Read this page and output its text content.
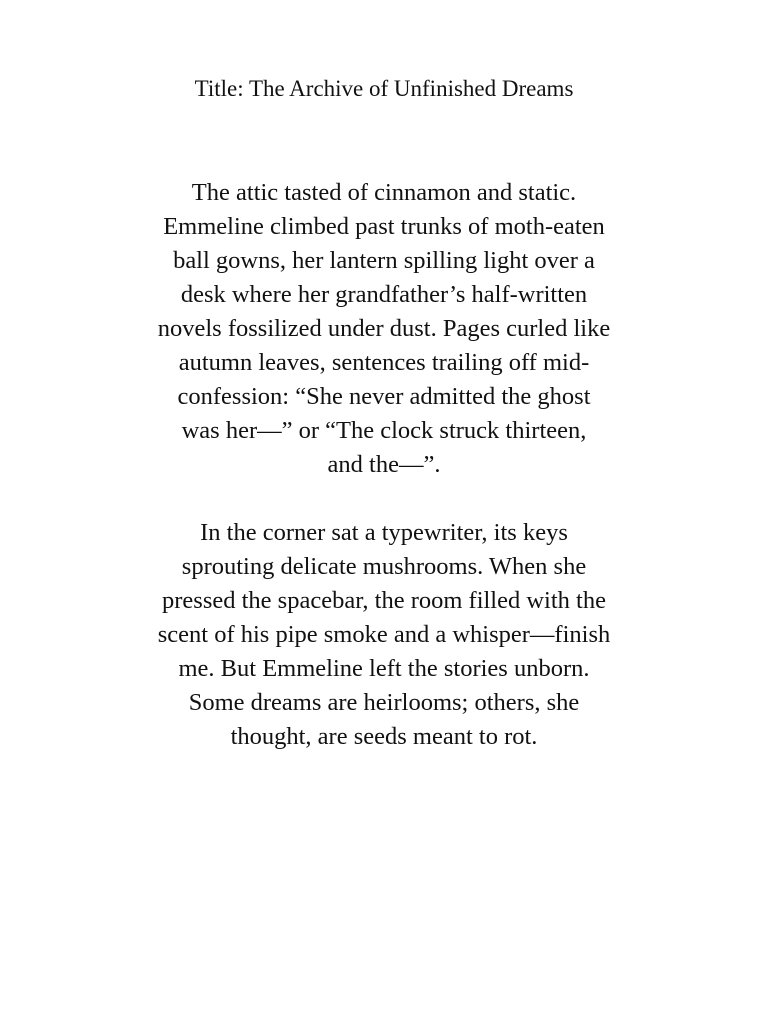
Title: The Archive of Unfinished Dreams
The attic tasted of cinnamon and static.
Emmeline climbed past trunks of moth-eaten
ball gowns, her lantern spilling light over a
desk where her grandfather’s half-written
novels fossilized under dust. Pages curled like
autumn leaves, sentences trailing off mid-
confession: “She never admitted the ghost
was her—” or “The clock struck thirteen,
and the—”.
In the corner sat a typewriter, its keys
sprouting delicate mushrooms. When she
pressed the spacebar, the room filled with the
scent of his pipe smoke and a whisper—finish
me. But Emmeline left the stories unborn.
Some dreams are heirlooms; others, she
thought, are seeds meant to rot.
